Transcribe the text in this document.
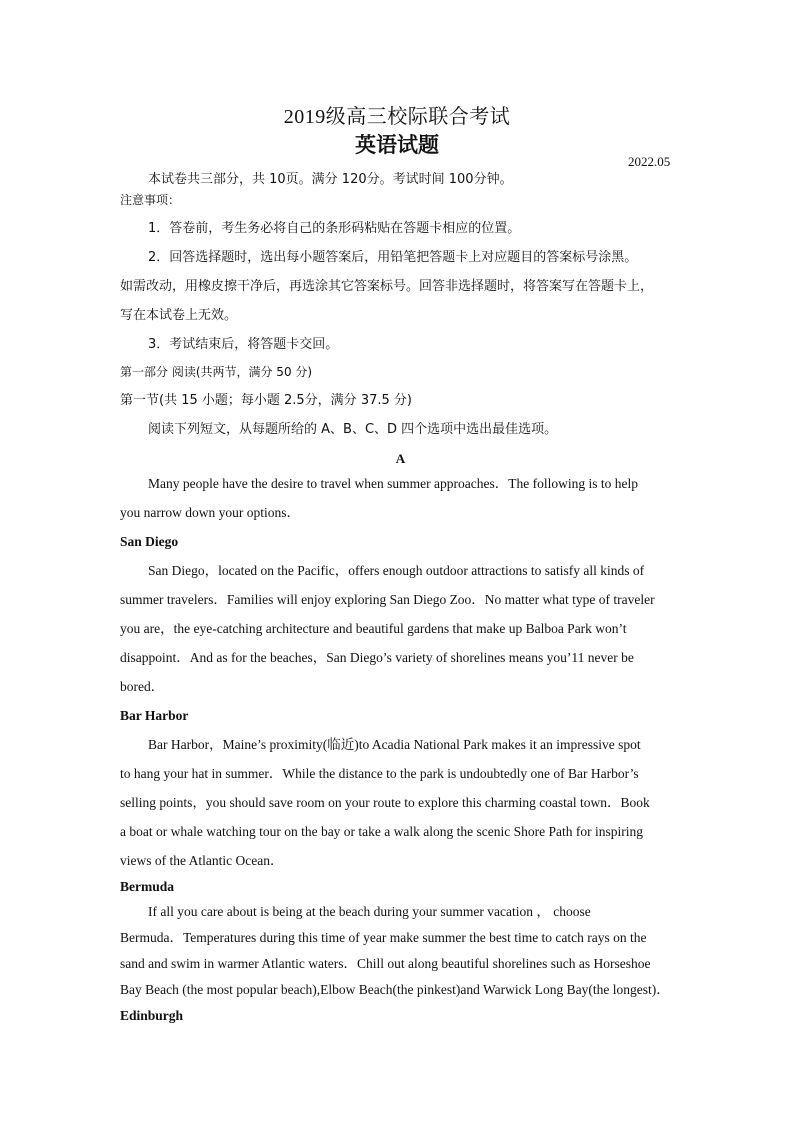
2019级高三校际联合考试
英语试题
2022.05

本试卷共三部分，共 10页。满分 120分。考试时间 100分钟。

注意事项：

1．答卷前，考生务必将自己的条形码粘贴在答题卡相应的位置。

2．回答选择题时，选出每小题答案后，用铅笔把答题卡上对应题目的答案标号涂黑。

如需改动，用橡皮擦干净后，再选涂其它答案标号。回答非选择题时，将答案写在答题卡上，

写在本试卷上无效。

3．考试结束后，将答题卡交回。

第一部分 阅读(共两节，满分 50 分)

第一节(共 15 小题；每小题 2.5分，满分 37.5 分)

阅读下列短文，从每题所给的 A、B、C、D 四个选项中选出最佳选项。

A

Many people have the desire to travel when summer approaches．The following is to help

you narrow down your options．

San Diego

San Diego，located on the Pacific，offers enough outdoor attractions to satisfy all kinds of

summer travelers．Families will enjoy exploring San Diego Zoo．No matter what type of traveler

you are，the eye-catching architecture and beautiful gardens that make up Balboa Park won’t

disappoint．And as for the beaches，San Diego’s variety of shorelines means you’11 never be

bored．

Bar Harbor

Bar Harbor，Maine’s proximity(临近)to Acadia National Park makes it an impressive spot

to hang your hat in summer．While the distance to the park is undoubtedly one of Bar Harbor’s

selling points，you should save room on your route to explore this charming coastal town．Book

a boat or whale watching tour on the bay or take a walk along the scenic Shore Path for inspiring

views of the Atlantic Ocean．

Bermuda

If all you care about is being at the beach during your summer vacation ， choose

Bermuda．Temperatures during this time of year make summer the best time to catch rays on the

sand and swim in warmer Atlantic waters．Chill out along beautiful shorelines such as Horseshoe

Bay Beach (the most popular beach),Elbow Beach(the pinkest)and Warwick Long Bay(the longest)．

Edinburgh
